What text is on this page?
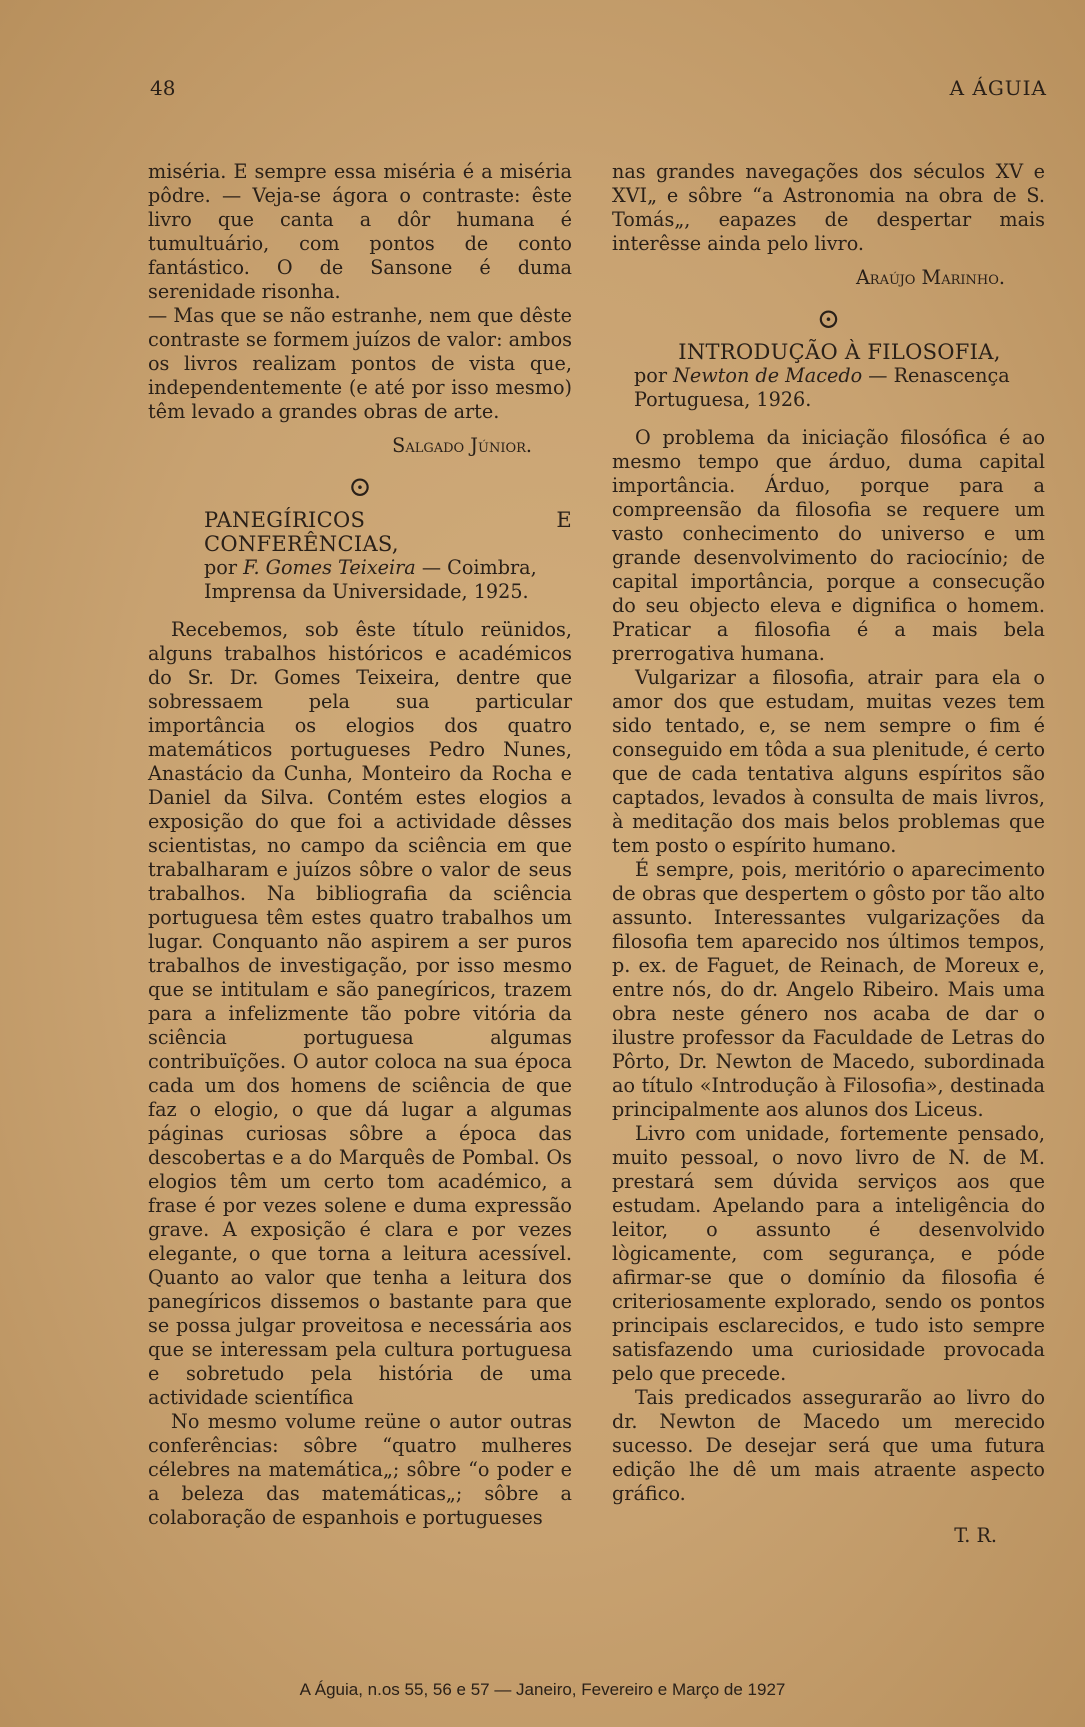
48	A ÁGUIA

miséria. E sempre essa miséria é a miséria pôdre. — Veja-se ágora o contraste: êste livro que canta a dôr humana é tumultuário, com pontos de conto fantástico. O de Sansone é duma serenidade risonha.

— Mas que se não estranhe, nem que dêste contraste se formem juízos de valor: ambos os livros realizam pontos de vista que, independentemente (e até por isso mesmo) têm levado a grandes obras de arte.

Salgado Júnior.

⊙
PANEGÍRICOS E CONFERÊNCIAS,
por F. Gomes Teixeira — Coimbra, Imprensa da Universidade, 1925.

Recebemos, sob êste título reünidos, alguns trabalhos históricos e académicos do Sr. Dr. Gomes Teixeira, dentre que sobressaem pela sua particular importância os elogios dos quatro matemáticos portugueses Pedro Nunes, Anastácio da Cunha, Monteiro da Rocha e Daniel da Silva. Contém estes elogios a exposição do que foi a actividade dêsses scientistas, no campo da sciência em que trabalharam e juízos sôbre o valor de seus trabalhos. Na bibliografia da sciência portuguesa têm estes quatro trabalhos um lugar. Conquanto não aspirem a ser puros trabalhos de investigação, por isso mesmo que se intitulam e são panegíricos, trazem para a infelizmente tão pobre vitória da sciência portuguesa algumas contribuïções. O autor coloca na sua época cada um dos homens de sciência de que faz o elogio, o que dá lugar a algumas páginas curiosas sôbre a época das descobertas e a do Marquês de Pombal. Os elogios têm um certo tom académico, a frase é por vezes solene e duma expressão grave. A exposição é clara e por vezes elegante, o que torna a leitura acessível. Quanto ao valor que tenha a leitura dos panegíricos dissemos o bastante para que se possa julgar proveitosa e necessária aos que se interessam pela cultura portuguesa e sobretudo pela história de uma actividade scientífica

No mesmo volume reüne o autor outras conferências: sôbre “quatro mulheres célebres na matemática„; sôbre “o poder e a beleza das matemáticas„; sôbre a colaboração de espanhois e portugueses

nas grandes navegações dos séculos XV e XVI„ e sôbre “a Astronomia na obra de S. Tomás„, eapazes de despertar mais interêsse ainda pelo livro.

Araújo Marinho.

⊙
INTRODUÇÃO À FILOSOFIA,
por Newton de Macedo — Renascença Portuguesa, 1926.

O problema da iniciação filosófica é ao mesmo tempo que árduo, duma capital importância. Árduo, porque para a compreensão da filosofia se requere um vasto conhecimento do universo e um grande desenvolvimento do raciocínio; de capital importância, porque a consecução do seu objecto eleva e dignifica o homem. Praticar a filosofia é a mais bela prerrogativa humana.

Vulgarizar a filosofia, atrair para ela o amor dos que estudam, muitas vezes tem sido tentado, e, se nem sempre o fim é conseguido em tôda a sua plenitude, é certo que de cada tentativa alguns espíritos são captados, levados à consulta de mais livros, à meditação dos mais belos problemas que tem posto o espírito humano.

É sempre, pois, meritório o aparecimento de obras que despertem o gôsto por tão alto assunto. Interessantes vulgarizações da filosofia tem aparecido nos últimos tempos, p. ex. de Faguet, de Reinach, de Moreux e, entre nós, do dr. Angelo Ribeiro. Mais uma obra neste género nos acaba de dar o ilustre professor da Faculdade de Letras do Pôrto, Dr. Newton de Macedo, subordinada ao título «Introdução à Filosofia», destinada principalmente aos alunos dos Liceus.

Livro com unidade, fortemente pensado, muito pessoal, o novo livro de N. de M. prestará sem dúvida serviços aos que estudam. Apelando para a inteligência do leitor, o assunto é desenvolvido lògicamente, com segurança, e póde afirmar-se que o domínio da filosofia é criteriosamente explorado, sendo os pontos principais esclarecidos, e tudo isto sempre satisfazendo uma curiosidade provocada pelo que precede.

Tais predicados assegurarão ao livro do dr. Newton de Macedo um merecido sucesso. De desejar será que uma futura edição lhe dê um mais atraente aspecto gráfico.

T. R.

A Águia, n.os 55, 56 e 57 — Janeiro, Fevereiro e Março de 1927
